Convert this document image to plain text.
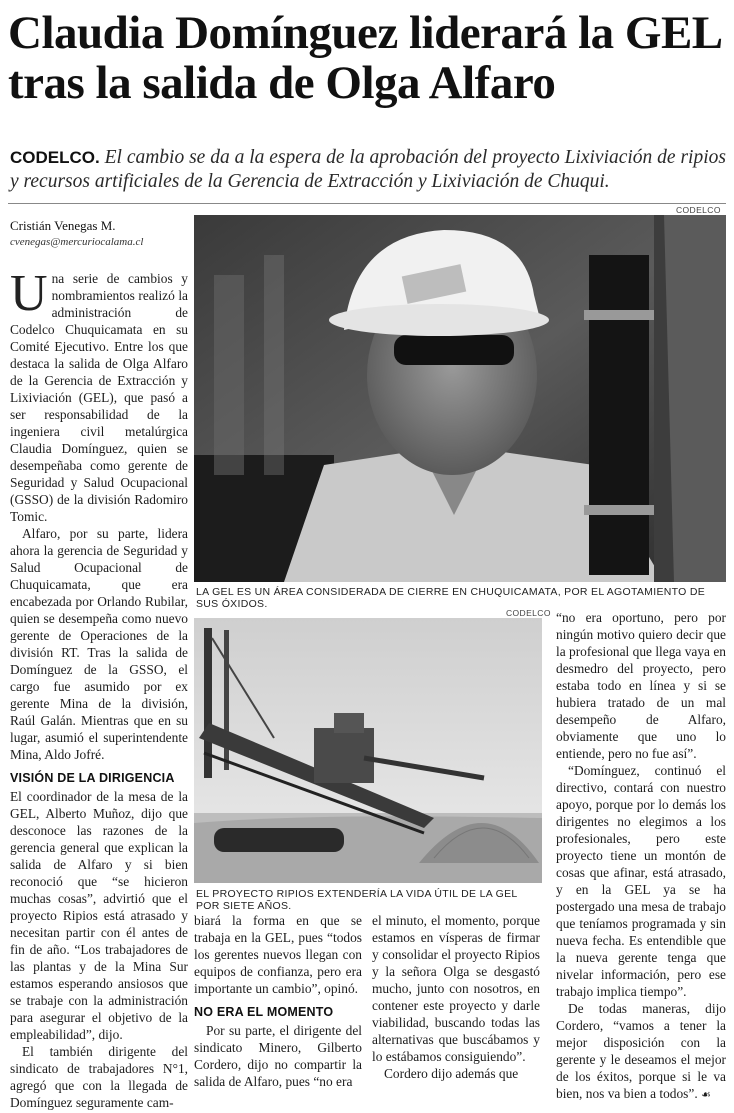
Claudia Domínguez liderará la GEL tras la salida de Olga Alfaro
CODELCO. El cambio se da a la espera de la aprobación del proyecto Lixiviación de ripios y recursos artificiales de la Gerencia de Extracción y Lixiviación de Chuqui.
Cristián Venegas M.
cvenegas@mercuriocalama.cl
CODELCO
LA GEL ES UN ÁREA CONSIDERADA DE CIERRE EN CHUQUICAMATA, POR EL AGOTAMIENTO DE SUS ÓXIDOS.

Una serie de cambios y nombramientos realizó la administración de Codelco Chuquicamata en su Comité Ejecutivo. Entre los que destaca la salida de Olga Alfaro de la Gerencia de Extracción y Lixiviación (GEL), que pasó a ser responsabilidad de la ingeniera civil metalúrgica Claudia Domínguez, quien se desempeñaba como gerente de Seguridad y Salud Ocupacional (GSSO) de la división Radomiro Tomic.

Alfaro, por su parte, lidera ahora la gerencia de Seguridad y Salud Ocupacional de Chuquicamata, que era encabezada por Orlando Rubilar, quien se desempeña como nuevo gerente de Operaciones de la división RT. Tras la salida de Domínguez de la GSSO, el cargo fue asumido por ex gerente Mina de la división, Raúl Galán. Mientras que en su lugar, asumió el superintendente Mina, Aldo Jofré.

VISIÓN DE LA DIRIGENCIA

El coordinador de la mesa de la GEL, Alberto Muñoz, dijo que desconoce las razones de la gerencia general que explican la salida de Alfaro y si bien reconoció que “se hicieron muchas cosas”, advirtió que el proyecto Ripios está atrasado y necesitan partir con él antes de fin de año. “Los trabajadores de las plantas y de la Mina Sur estamos esperando ansiosos que se trabaje con la administración para asegurar el objetivo de la empleabilidad”, dijo.

El también dirigente del sindicato de trabajadores N°1, agregó que con la llegada de Domínguez seguramente cam-

CODELCO
EL PROYECTO RIPIOS EXTENDERÍA LA VIDA ÚTIL DE LA GEL POR SIETE AÑOS.

biará la forma en que se trabaja en la GEL, pues “todos los gerentes nuevos llegan con equipos de confianza, pero era importante un cambio”, opinó.

NO ERA EL MOMENTO

Por su parte, el dirigente del sindicato Minero, Gilberto Cordero, dijo no compartir la salida de Alfaro, pues “no era

el minuto, el momento, porque estamos en vísperas de firmar y consolidar el proyecto Ripios y la señora Olga se desgastó mucho, junto con nosotros, en contener este proyecto y darle viabilidad, buscando todas las alternativas que buscábamos y lo estábamos consiguiendo”.

Cordero dijo además que

“no era oportuno, pero por ningún motivo quiero decir que la profesional que llega vaya en desmedro del proyecto, pero estaba todo en línea y si se hubiera tratado de un mal desempeño de Alfaro, obviamente que uno lo entiende, pero no fue así”.

“Domínguez, continuó el directivo, contará con nuestro apoyo, porque por lo demás los dirigentes no elegimos a los profesionales, pero este proyecto tiene un montón de cosas que afinar, está atrasado, y en la GEL ya se ha postergado una mesa de trabajo que teníamos programada y sin nueva fecha. Es entendible que la nueva gerente tenga que nivelar información, pero ese trabajo implica tiempo”.

De todas maneras, dijo Cordero, “vamos a tener la mejor disposición con la gerente y le deseamos el mejor de los éxitos, porque si le va bien, nos va bien a todos”. ☙
